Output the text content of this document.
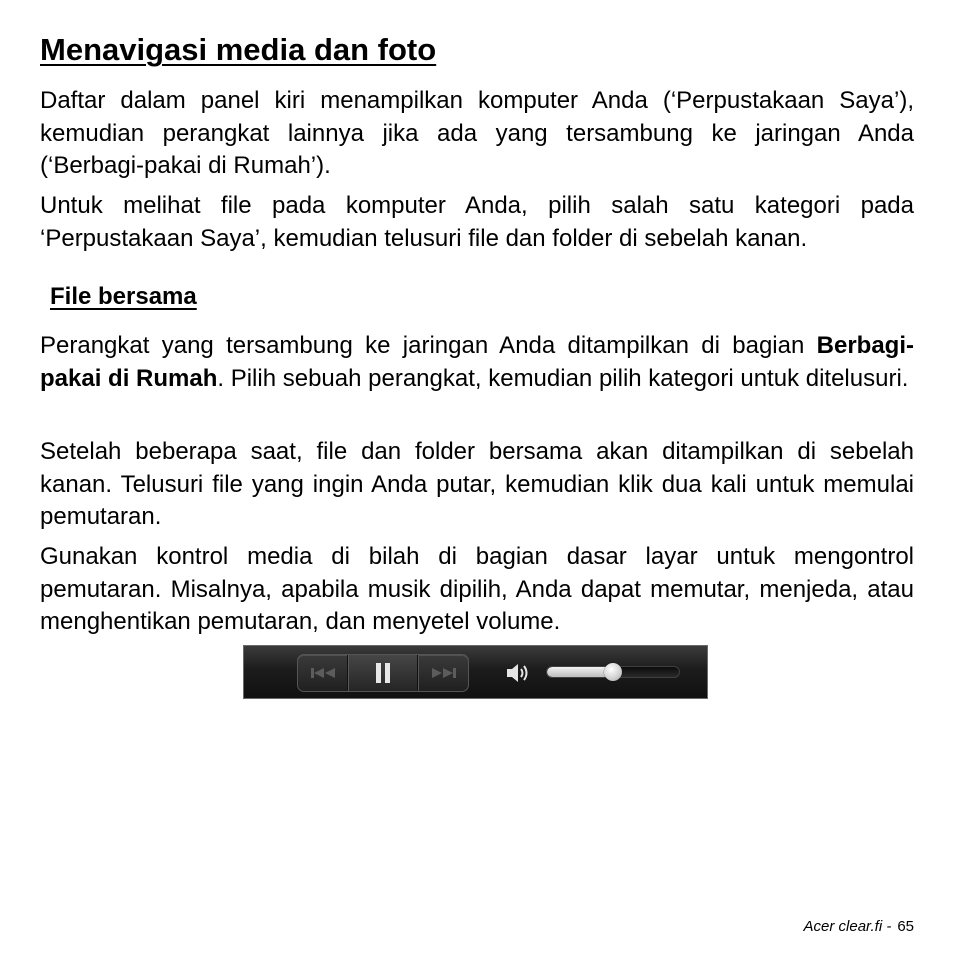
Menavigasi media dan foto

Daftar dalam panel kiri menampilkan komputer Anda (‘Perpustakaan Saya’), kemudian perangkat lainnya jika ada yang tersambung ke jaringan Anda (‘Berbagi-pakai di Rumah’).

Untuk melihat file pada komputer Anda, pilih salah satu kategori pada ‘Perpustakaan Saya’, kemudian telusuri file dan folder di sebelah kanan.

File bersama

Perangkat yang tersambung ke jaringan Anda ditampilkan di bagian Berbagi-pakai di Rumah. Pilih sebuah perangkat, kemudian pilih kategori untuk ditelusuri.

Setelah beberapa saat, file dan folder bersama akan ditampilkan di sebelah kanan. Telusuri file yang ingin Anda putar, kemudian klik dua kali untuk memulai pemutaran.

Gunakan kontrol media di bilah di bagian dasar layar untuk mengontrol pemutaran. Misalnya, apabila musik dipilih, Anda dapat memutar, menjeda, atau menghentikan pemutaran, dan menyetel volume.

Acer clear.fi - 65
